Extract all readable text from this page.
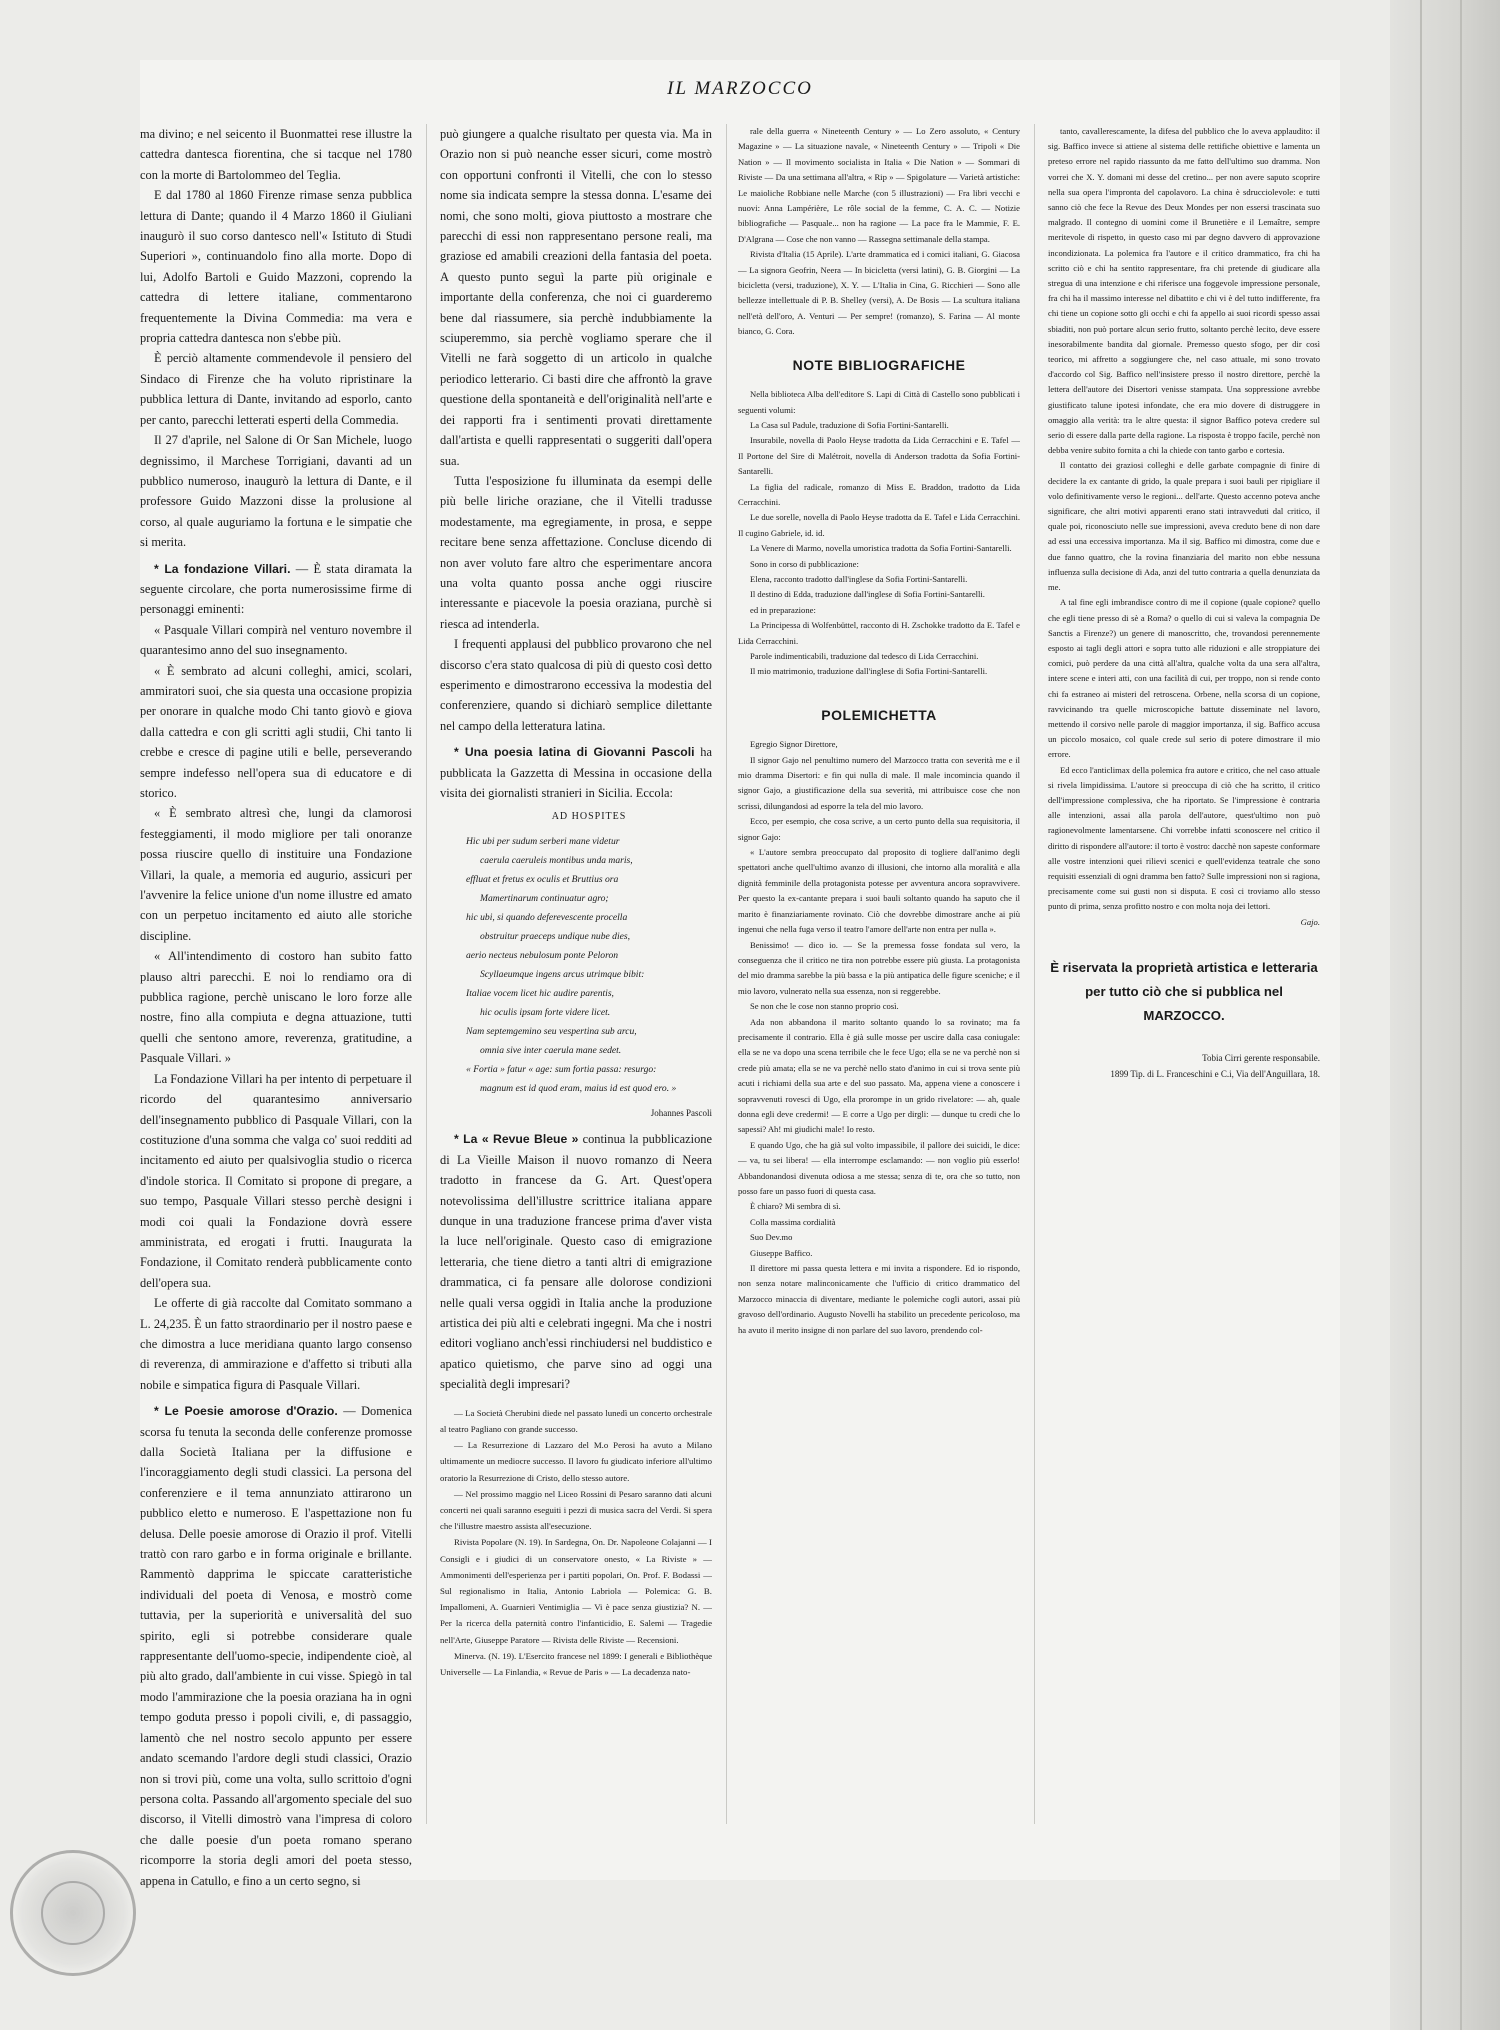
IL MARZOCCO

ma divino; e nel seicento il Buonmattei rese illustre la cattedra dantesca fiorentina, che si tacque nel 1780 con la morte di Bartolommeo del Teglia.

E dal 1780 al 1860 Firenze rimase senza pubblica lettura di Dante; quando il 4 Marzo 1860 il Giuliani inaugurò il suo corso dantesco nell'« Istituto di Studi Superiori », continuandolo fino alla morte. Dopo di lui, Adolfo Bartoli e Guido Mazzoni, coprendo la cattedra di lettere italiane, commentarono frequentemente la Divina Commedia: ma vera e propria cattedra dantesca non s'ebbe più.

È perciò altamente commendevole il pensiero del Sindaco di Firenze che ha voluto ripristinare la pubblica lettura di Dante, invitando ad esporlo, canto per canto, parecchi letterati esperti della Commedia.

Il 27 d'aprile, nel Salone di Or San Michele, luogo degnissimo, il Marchese Torrigiani, davanti ad un pubblico numeroso, inaugurò la lettura di Dante, e il professore Guido Mazzoni disse la prolusione al corso, al quale auguriamo la fortuna e le simpatie che si merita.

* La fondazione Villari. — È stata diramata la seguente circolare, che porta numerosissime firme di personaggi eminenti:

« Pasquale Villari compirà nel venturo novembre il quarantesimo anno del suo insegnamento.

« È sembrato ad alcuni colleghi, amici, scolari, ammiratori suoi, che sia questa una occasione propizia per onorare in qualche modo Chi tanto giovò e giova dalla cattedra e con gli scritti agli studii, Chi tanto li crebbe e cresce di pagine utili e belle, perseverando sempre indefesso nell'opera sua di educatore e di storico.

« È sembrato altresì che, lungi da clamorosi festeggiamenti, il modo migliore per tali onoranze possa riuscire quello di instituire una Fondazione Villari, la quale, a memoria ed augurio, assicuri per l'avvenire la felice unione d'un nome illustre ed amato con un perpetuo incitamento ed aiuto alle storiche discipline.

« All'intendimento di costoro han subito fatto plauso altri parecchi. E noi lo rendiamo ora di pubblica ragione, perchè uniscano le loro forze alle nostre, fino alla compiuta e degna attuazione, tutti quelli che sentono amore, reverenza, gratitudine, a Pasquale Villari. »

La Fondazione Villari ha per intento di perpetuare il ricordo del quarantesimo anniversario dell'insegnamento pubblico di Pasquale Villari, con la costituzione d'una somma che valga co' suoi redditi ad incitamento ed aiuto per qualsivoglia studio o ricerca d'indole storica. Il Comitato si propone di pregare, a suo tempo, Pasquale Villari stesso perchè designi i modi coi quali la Fondazione dovrà essere amministrata, ed erogati i frutti. Inaugurata la Fondazione, il Comitato renderà pubblicamente conto dell'opera sua.

Le offerte di già raccolte dal Comitato sommano a L. 24,235. È un fatto straordinario per il nostro paese e che dimostra a luce meridiana quanto largo consenso di reverenza, di ammirazione e d'affetto si tributi alla nobile e simpatica figura di Pasquale Villari.

* Le Poesie amorose d'Orazio. — Domenica scorsa fu tenuta la seconda delle conferenze promosse dalla Società Italiana per la diffusione e l'incoraggiamento degli studi classici. La persona del conferenziere e il tema annunziato attirarono un pubblico eletto e numeroso. E l'aspettazione non fu delusa. Delle poesie amorose di Orazio il prof. Vitelli trattò con raro garbo e in forma originale e brillante. Rammentò dapprima le spiccate caratteristiche individuali del poeta di Venosa, e mostrò come tuttavia, per la superiorità e universalità del suo spirito, egli si potrebbe considerare quale rappresentante dell'uomo-specie, indipendente cioè, al più alto grado, dall'ambiente in cui visse. Spiegò in tal modo l'ammirazione che la poesia oraziana ha in ogni tempo goduta presso i popoli civili, e, di passaggio, lamentò che nel nostro secolo appunto per essere andato scemando l'ardore degli studi classici, Orazio non si trovi più, come una volta, sullo scrittoio d'ogni persona colta. Passando all'argomento speciale del suo discorso, il Vitelli dimostrò vana l'impresa di coloro che dalle poesie d'un poeta romano sperano ricomporre la storia degli amori del poeta stesso, appena in Catullo, e fino a un certo segno, si

può giungere a qualche risultato per questa via. Ma in Orazio non si può neanche esser sicuri, come mostrò con opportuni confronti il Vitelli, che con lo stesso nome sia indicata sempre la stessa donna. L'esame dei nomi, che sono molti, giova piuttosto a mostrare che parecchi di essi non rappresentano persone reali, ma graziose ed amabili creazioni della fantasia del poeta. A questo punto seguì la parte più originale e importante della conferenza, che noi ci guarderemo bene dal riassumere, sia perchè indubbiamente la sciuperemmo, sia perchè vogliamo sperare che il Vitelli ne farà soggetto di un articolo in qualche periodico letterario. Ci basti dire che affrontò la grave questione della spontaneità e dell'originalità nell'arte e dei rapporti fra i sentimenti provati direttamente dall'artista e quelli rappresentati o suggeriti dall'opera sua.

Tutta l'esposizione fu illuminata da esempi delle più belle liriche oraziane, che il Vitelli tradusse modestamente, ma egregiamente, in prosa, e seppe recitare bene senza affettazione. Concluse dicendo di non aver voluto fare altro che esperimentare ancora una volta quanto possa anche oggi riuscire interessante e piacevole la poesia oraziana, purchè si riesca ad intenderla.

I frequenti applausi del pubblico provarono che nel discorso c'era stato qualcosa di più di questo così detto esperimento e dimostrarono eccessiva la modestia del conferenziere, quando si dichiarò semplice dilettante nel campo della letteratura latina.

* Una poesia latina di Giovanni Pascoli ha pubblicata la Gazzetta di Messina in occasione della visita dei giornalisti stranieri in Sicilia. Eccola:

AD HOSPITES
Hic ubi per sudum serberi mane videtur
caerula caeruleis montibus unda maris,
effluat et fretus ex oculis et Bruttius ora
Mamertinarum continuatur agro;
hic ubi, si quando deferevescente procella
obstruitur praeceps undique nube dies,
aerio necteus nebulosum ponte Peloron
Scyllaeumque ingens arcus utrimque bibit:
Italiae vocem licet hic audire parentis,
hic oculis ipsam forte videre licet.
Nam septemgemino seu vespertina sub arcu,
omnia sive inter caerula mane sedet.
« Fortia » fatur « age: sum fortia passa: resurgo:
magnum est id quod eram, maius id est quod ero. »
Johannes Pascoli

* La « Revue Bleue » continua la pubblicazione di La Vieille Maison il nuovo romanzo di Neera tradotto in francese da G. Art. Quest'opera notevolissima dell'illustre scrittrice italiana appare dunque in una traduzione francese prima d'aver vista la luce nell'originale. Questo caso di emigrazione letteraria, che tiene dietro a tanti altri di emigrazione drammatica, ci fa pensare alle dolorose condizioni nelle quali versa oggidì in Italia anche la produzione artistica dei più alti e celebrati ingegni. Ma che i nostri editori vogliano anch'essi rinchiudersi nel buddistico e apatico quietismo, che parve sino ad oggi una specialità degli impresari?

— La Società Cherubini diede nel passato lunedì un concerto orchestrale al teatro Pagliano con grande successo.

— La Resurrezione di Lazzaro del M.o Perosi ha avuto a Milano ultimamente un mediocre successo. Il lavoro fu giudicato inferiore all'ultimo oratorio la Resurrezione di Cristo, dello stesso autore.

— Nel prossimo maggio nel Liceo Rossini di Pesaro saranno dati alcuni concerti nei quali saranno eseguiti i pezzi di musica sacra del Verdi. Si spera che l'illustre maestro assista all'esecuzione.

Rivista Popolare (N. 19). In Sardegna, On. Dr. Napoleone Colajanni — I Consigli e i giudici di un conservatore onesto, « La Riviste » — Ammonimenti dell'esperienza per i partiti popolari, On. Prof. F. Bodassi — Sul regionalismo in Italia, Antonio Labriola — Polemica: G. B. Impallomeni, A. Guarnieri Ventimiglia — Vi è pace senza giustizia? N. — Per la ricerca della paternità contro l'infanticidio, E. Salemi — Tragedie nell'Arte, Giuseppe Paratore — Rivista delle Riviste — Recensioni.

Minerva. (N. 19). L'Esercito francese nel 1899: I generali e Bibliothèque Universelle — La Finlandia, « Revue de Paris » — La decadenza nato-

rale della guerra « Nineteenth Century » — Lo Zero assoluto, « Century Magazine » — La situazione navale, « Nineteenth Century » — Tripoli « Die Nation » — Il movimento socialista in Italia « Die Nation » — Sommari di Riviste — Da una settimana all'altra, « Rip » — Spigolature — Varietà artistiche: Le maioliche Robbiane nelle Marche (con 5 illustrazioni) — Fra libri vecchi e nuovi: Anna Lampérière, Le rôle social de la femme, C. A. C. — Notizie bibliografiche — Pasquale... non ha ragione — La pace fra le Mammie, F. E. D'Algrana — Cose che non vanno — Rassegna settimanale della stampa.

Rivista d'Italia (15 Aprile). L'arte drammatica ed i comici italiani, G. Giacosa — La signora Geofrin, Neera — In bicicletta (versi latini), G. B. Giorgini — La bicicletta (versi, traduzione), X. Y. — L'Italia in Cina, G. Ricchieri — Sono alle bellezze intellettuale di P. B. Shelley (versi), A. De Bosis — La scultura italiana nell'età dell'oro, A. Venturi — Per sempre! (romanzo), S. Farina — Al monte bianco, G. Cora.

NOTE BIBLIOGRAFICHE

Nella biblioteca Alba dell'editore S. Lapi di Città di Castello sono pubblicati i seguenti volumi:

La Casa sul Padule, traduzione di Sofia Fortini-Santarelli.

Insurabile, novella di Paolo Heyse tradotta da Lida Cerracchini e E. Tafel — Il Portone del Sire di Malétroit, novella di Anderson tradotta da Sofia Fortini-Santarelli.

La figlia del radicale, romanzo di Miss E. Braddon, tradotto da Lida Cerracchini.

Le due sorelle, novella di Paolo Heyse tradotta da E. Tafel e Lida Cerracchini. Il cugino Gabriele, id. id.

La Venere di Marmo, novella umoristica tradotta da Sofia Fortini-Santarelli.

Sono in corso di pubblicazione:

Elena, racconto tradotto dall'inglese da Sofia Fortini-Santarelli.

Il destino di Edda, traduzione dall'inglese di Sofia Fortini-Santarelli.

ed in preparazione:

La Principessa di Wolfenbüttel, racconto di H. Zschokke tradotto da E. Tafel e Lida Cerracchini.

Parole indimenticabili, traduzione dal tedesco di Lida Cerracchini.

Il mio matrimonio, traduzione dall'inglese di Sofia Fortini-Santarelli.

POLEMICHETTA

Egregio Signor Direttore,

Il signor Gajo nel penultimo numero del Marzocco tratta con severità me e il mio dramma Disertori: e fin qui nulla di male. Il male incomincia quando il signor Gajo, a giustificazione della sua severità, mi attribuisce cose che non scrissi, dilungandosi ad esporre la tela del mio lavoro.

Ecco, per esempio, che cosa scrive, a un certo punto della sua requisitoria, il signor Gajo:

« L'autore sembra preoccupato dal proposito di togliere dall'animo degli spettatori anche quell'ultimo avanzo di illusioni, che intorno alla moralità e alla dignità femminile della protagonista potesse per avventura ancora sopravvivere. Per questo la ex-cantante prepara i suoi bauli soltanto quando ha saputo che il marito è finanziariamente rovinato. Ciò che dovrebbe dimostrare anche ai più ingenui che nella fuga verso il teatro l'amore dell'arte non entra per nulla ».

Benissimo! — dico io. — Se la premessa fosse fondata sul vero, la conseguenza che il critico ne tira non potrebbe essere più giusta. La protagonista del mio dramma sarebbe la più bassa e la più antipatica delle figure sceniche; e il mio lavoro, vulnerato nella sua essenza, non si reggerebbe.

Se non che le cose non stanno proprio così.

Ada non abbandona il marito soltanto quando lo sa rovinato; ma fa precisamente il contrario. Ella è già sulle mosse per uscire dalla casa coniugale: ella se ne va dopo una scena terribile che le fece Ugo; ella se ne va perchè non si crede più amata; ella se ne va perchè nello stato d'animo in cui si trova sente più acuti i richiami della sua arte e del suo passato. Ma, appena viene a conoscere i sopravvenuti rovesci di Ugo, ella prorompe in un grido rivelatore: — ah, quale donna egli deve credermi! — E corre a Ugo per dirgli: — dunque tu credi che lo sapessi? Ah! mi giudichi male! Io resto.

E quando Ugo, che ha già sul volto impassibile, il pallore dei suicidi, le dice: — va, tu sei libera! — ella interrompe esclamando: — non voglio più esserlo! Abbandonandosi divenuta odiosa a me stessa; senza di te, ora che so tutto, non posso fare un passo fuori di questa casa.

È chiaro? Mi sembra di sì.

Colla massima cordialità

Suo Dev.mo

Giuseppe Baffico.

Il direttore mi passa questa lettera e mi invita a rispondere. Ed io rispondo, non senza notare malinconicamente che l'ufficio di critico drammatico del Marzocco minaccia di diventare, mediante le polemiche cogli autori, assai più gravoso dell'ordinario. Augusto Novelli ha stabilito un precedente pericoloso, ma ha avuto il merito insigne di non parlare del suo lavoro, prendendo col-

tanto, cavallerescamente, la difesa del pubblico che lo aveva applaudito: il sig. Baffico invece si attiene al sistema delle rettifiche obiettive e lamenta un preteso errore nel rapido riassunto da me fatto dell'ultimo suo dramma. Non vorrei che X. Y. domani mi desse del cretino... per non avere saputo scoprire nella sua opera l'impronta del capolavoro. La china è sdrucciolevole: e tutti sanno ciò che fece la Revue des Deux Mondes per non essersi trascinata suo malgrado. Il contegno di uomini come il Brunetière e il Lemaître, sempre meritevole di rispetto, in questo caso mi par degno davvero di approvazione incondizionata. La polemica fra l'autore e il critico drammatico, fra chi ha scritto ciò e chi ha sentito rappresentare, fra chi pretende di giudicare alla stregua di una intenzione e chi riferisce una foggevole impressione personale, fra chi ha il massimo interesse nel dibattito e chi vi è del tutto indifferente, fra chi tiene un copione sotto gli occhi e chi fa appello ai suoi ricordi spesso assai sbiaditi, non può portare alcun serio frutto, soltanto perchè lecito, deve essere inesorabilmente bandita dal giornale. Premesso questo sfogo, per dir così teorico, mi affretto a soggiungere che, nel caso attuale, mi sono trovato d'accordo col Sig. Baffico nell'insistere presso il nostro direttore, perchè la lettera dell'autore dei Disertori venisse stampata. Una soppressione avrebbe giustificato talune ipotesi infondate, che era mio dovere di distruggere in omaggio alla verità: tra le altre questa: il signor Baffico poteva credere sul serio di essere dalla parte della ragione. La risposta è troppo facile, perchè non debba venire subito fornita a chi la chiede con tanto garbo e cortesia.

Il contatto dei graziosi colleghi e delle garbate compagnie di finire di decidere la ex cantante di grido, la quale prepara i suoi bauli per ripigliare il volo definitivamente verso le regioni... dell'arte. Questo accenno poteva anche significare, che altri motivi apparenti erano stati intravveduti dal critico, il quale poi, riconosciuto nelle sue impressioni, aveva creduto bene di non dare ad essi una eccessiva importanza. Ma il sig. Baffico mi dimostra, come due e due fanno quattro, che la rovina finanziaria del marito non ebbe nessuna influenza sulla decisione di Ada, anzi del tutto contraria a quella denunziata da me.

A tal fine egli imbrandisce contro di me il copione (quale copione? quello che egli tiene presso di sè a Roma? o quello di cui si valeva la compagnia De Sanctis a Firenze?) un genere di manoscritto, che, trovandosi perennemente esposto ai tagli degli attori e sopra tutto alle riduzioni e alle stroppiature dei comici, può perdere da una città all'altra, qualche volta da una sera all'altra, intere scene e interi atti, con una facilità di cui, per troppo, non si rende conto chi fa estraneo ai misteri del retroscena. Orbene, nella scorsa di un copione, ravvicinando tra quelle microscopiche battute disseminate nel lavoro, mettendo il corsivo nelle parole di maggior importanza, il sig. Baffico accusa un piccolo mosaico, col quale crede sul serio di potere dimostrare il mio errore.

Ed ecco l'anticlimax della polemica fra autore e critico, che nel caso attuale si rivela limpidissima. L'autore si preoccupa di ciò che ha scritto, il critico dell'impressione complessiva, che ha riportato. Se l'impressione è contraria alle intenzioni, assai alla parola dell'autore, quest'ultimo non può ragionevolmente lamentarsene. Chi vorrebbe infatti sconoscere nel critico il diritto di rispondere all'autore: il torto è vostro: dacchè non sapeste conformare alle vostre intenzioni quei rilievi scenici e quell'evidenza teatrale che sono requisiti essenziali di ogni dramma ben fatto? Sulle impressioni non si ragiona, precisamente come sui gusti non si disputa. E così ci troviamo allo stesso punto di prima, senza profitto nostro e con molta noja dei lettori.

Gajo.

È riservata la proprietà artistica e letteraria per tutto ciò che si pubblica nel MARZOCCO.
Tobia Cirri gerente responsabile.
1899 Tip. di L. Franceschini e C.i, Via dell'Anguillara, 18.
